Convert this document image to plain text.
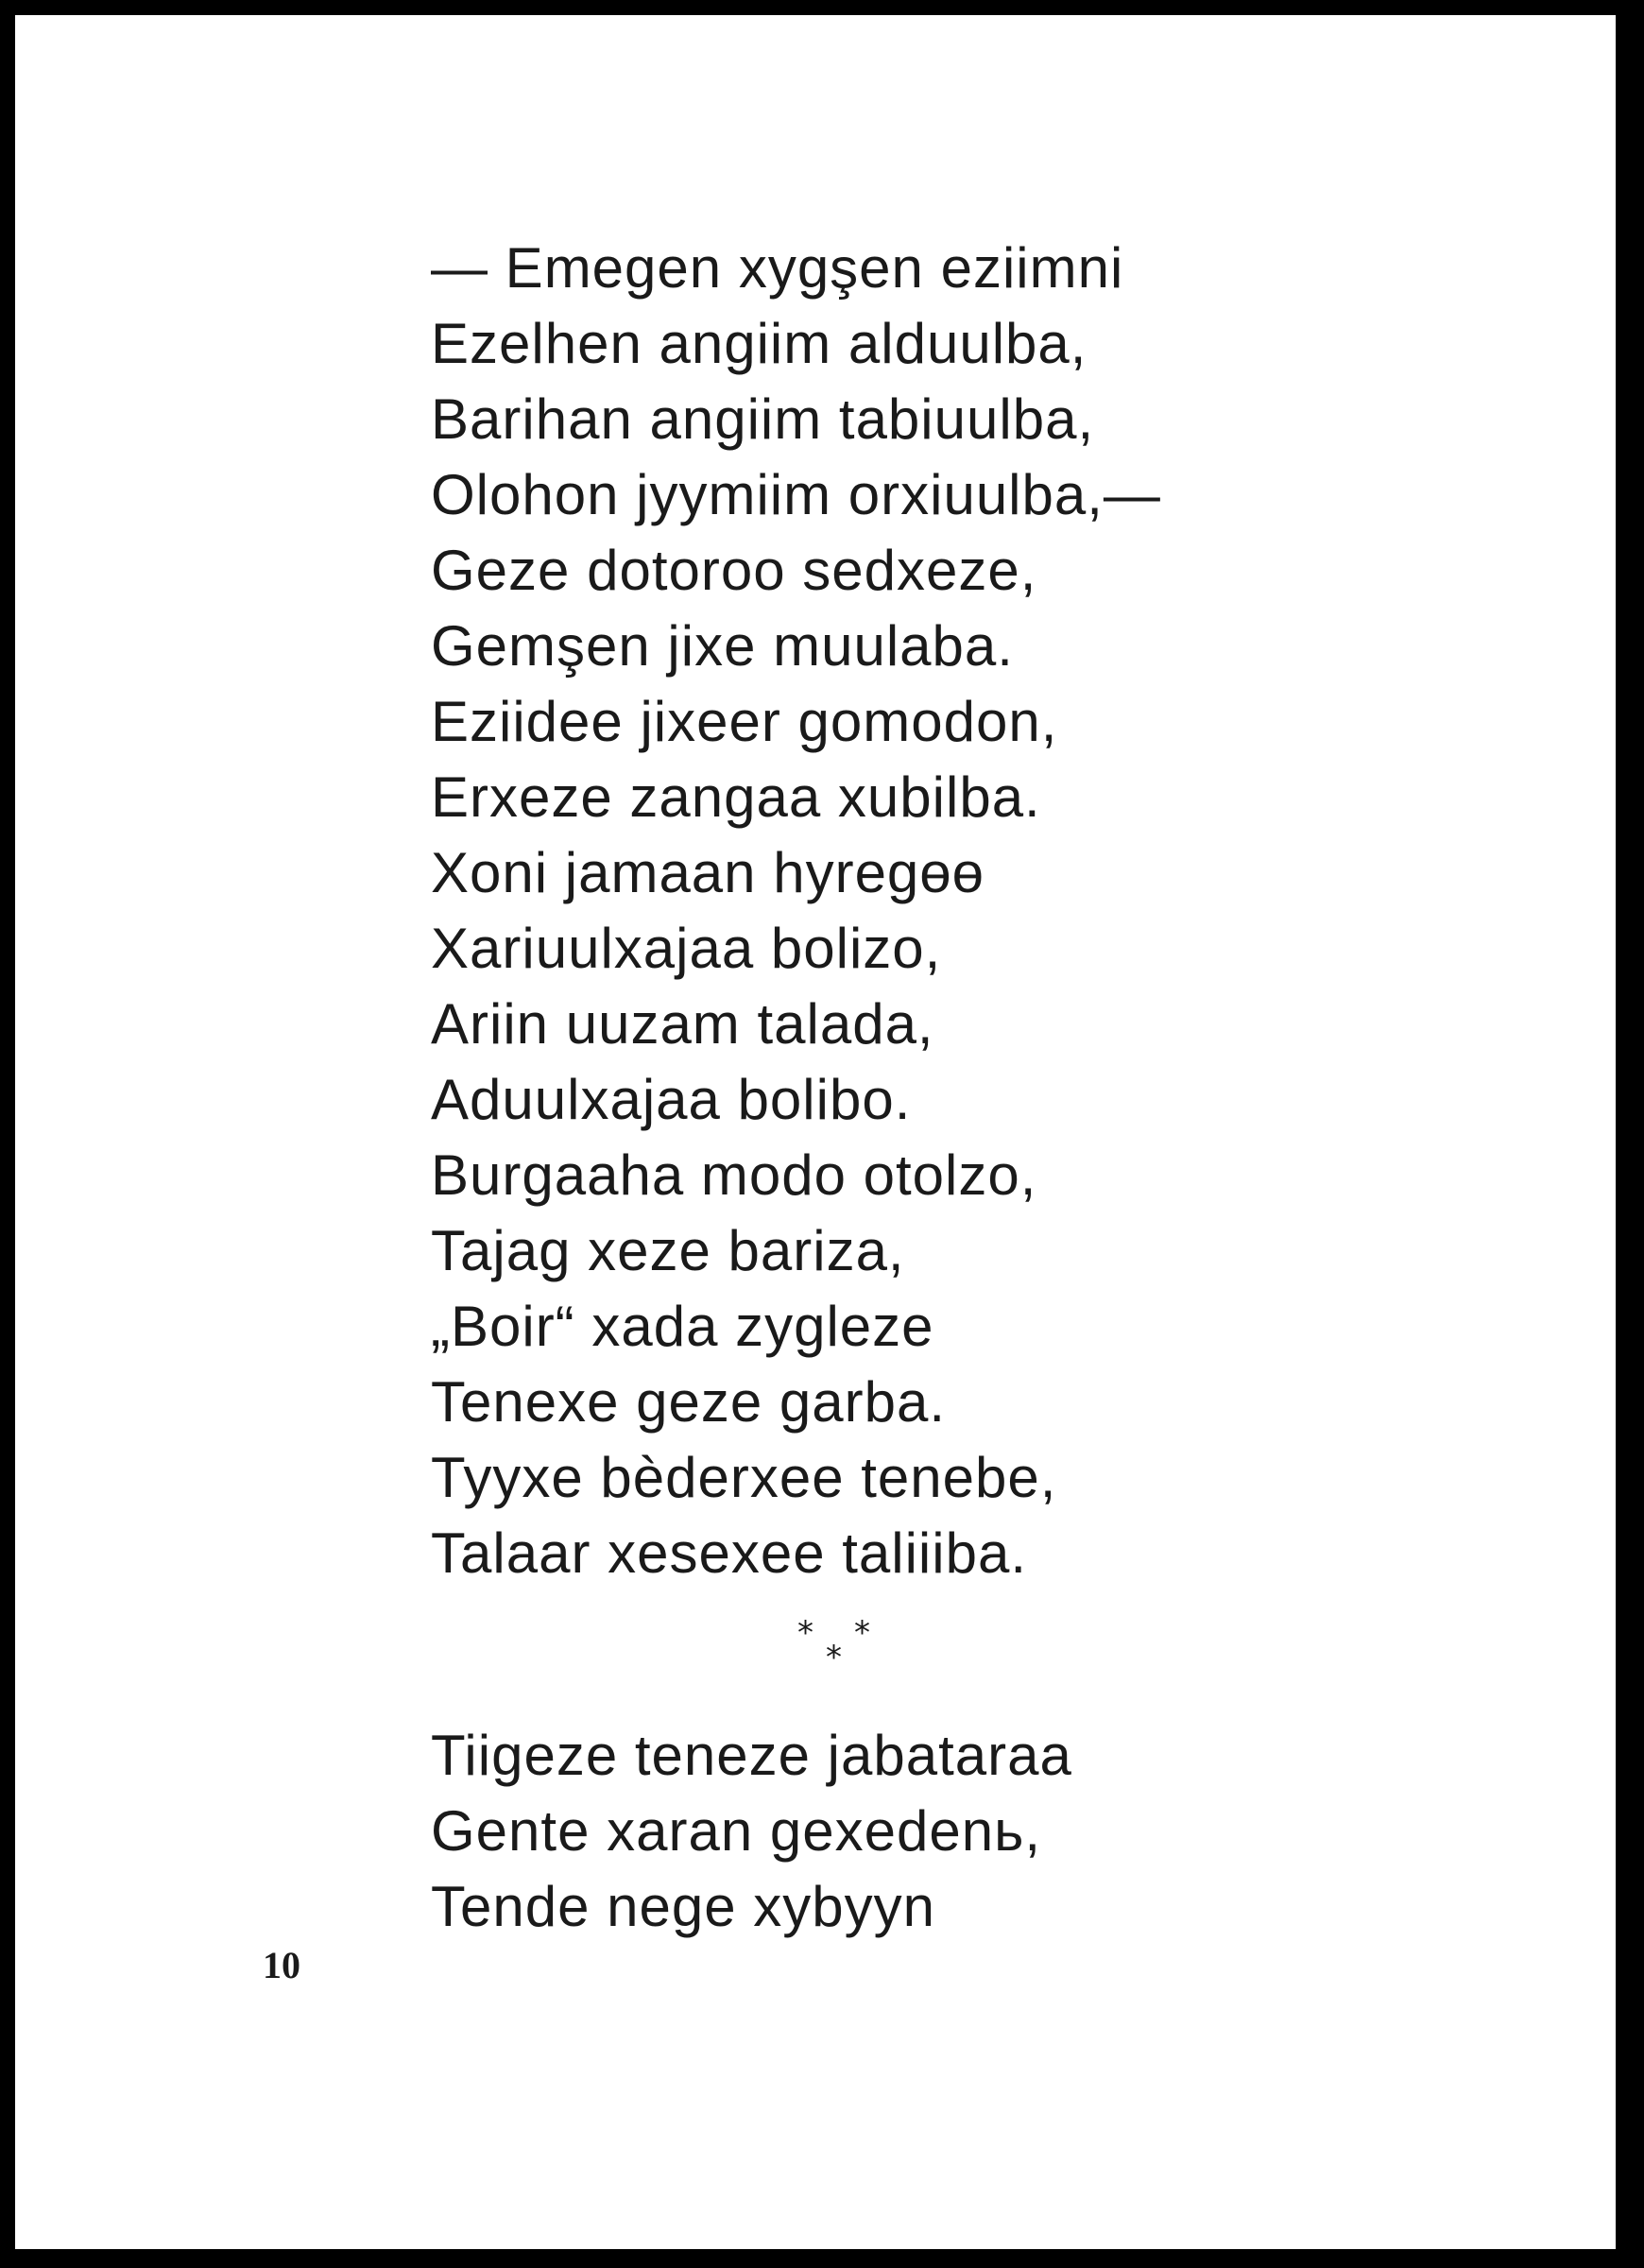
— Emegen xygşen eziimni
Ezelhen angiim alduulba,
Barihan angiim tabiuulba,
Olohon jyymiim orxiuulba,—
Geze dotoroo sedxeze,
Gemşen jixe muulaba.
Eziidee jixeer gomodon,
Erxeze zangaa xubilba.
Xoni jamaan hyregөө
Xariuulxajaa bolizo,
Ariin uuzam talada,
Aduulxajaa bolibo.
Burgaaha modo otolzo,
Tajag xeze bariza,
„Boir“ xada zygleze
Tenexe geze garba.
Tyyxe bèderxee tenebe,
Talaar xesexee taliiiba.
*
*
*
Tiigeze teneze jabataraa
Gente xaran gexedenь,
Tende nege xybyyn
10
